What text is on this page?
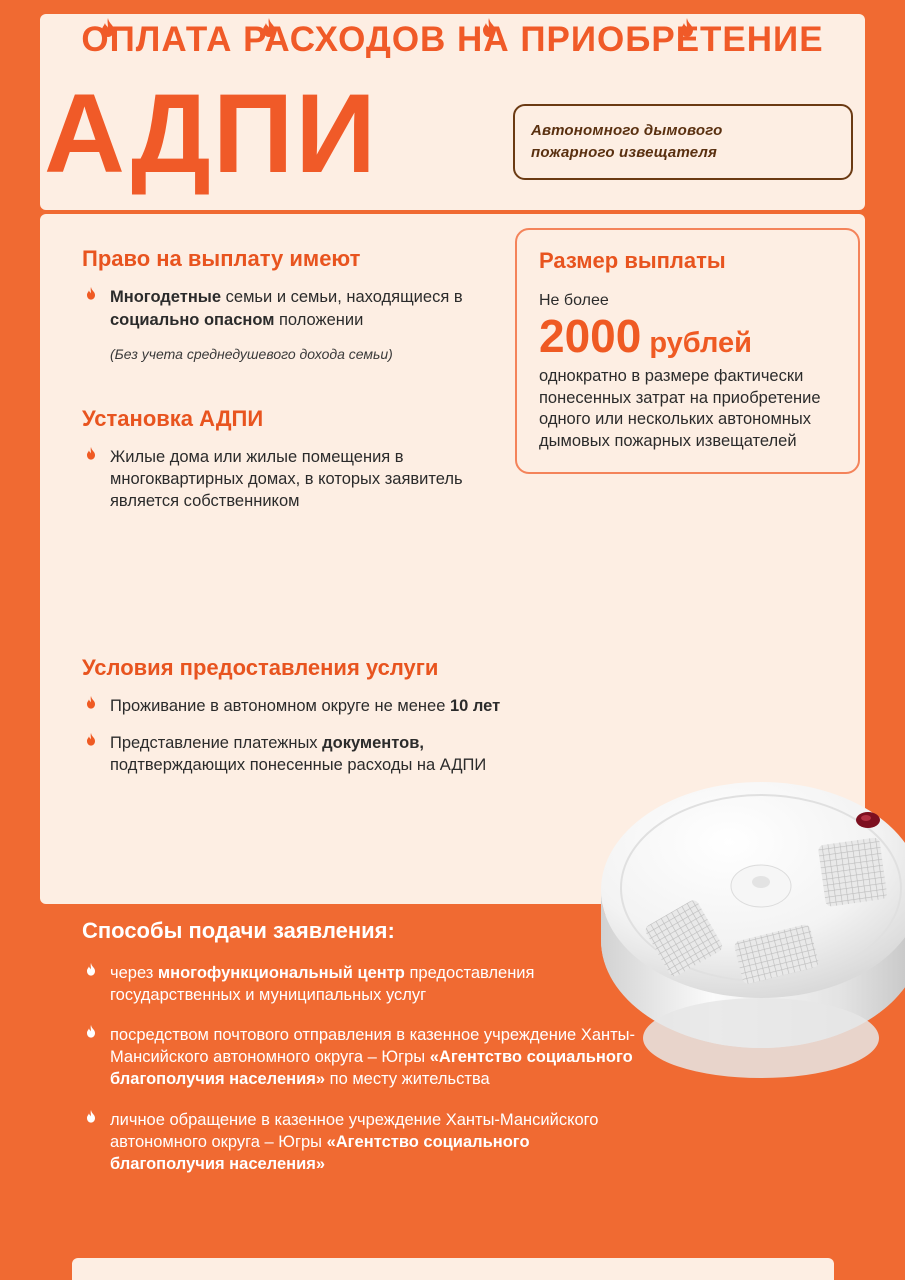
ОПЛАТА РАСХОДОВ НА ПРИОБРЕТЕНИЕ
АДПИ	Автономного дымового
пожарного извещателя
Право на выплату имеют
Многодетные семьи и семьи, находящиеся в социально опасном положении
(Без учета среднедушевого дохода семьи)
Установка АДПИ
Жилые дома или жилые помещения в многоквартирных домах, в которых заявитель является собственником
Размер выплаты
Не более
2000 рублей
однократно в размере фактически понесенных затрат на приобретение одного или нескольких автономных дымовых пожарных извещателей
Условия предоставления услуги
Проживание в автономном округе не менее 10 лет
Представление платежных документов, подтверждающих понесенные расходы на АДПИ
Способы подачи заявления:
через многофункциональный центр предоставления государственных и муниципальных услуг
посредством почтового отправления в казенное учреждение Ханты-Мансийского автономного округа – Югры «Агентство социального благополучия населения» по месту жительства
личное обращение в казенное учреждение Ханты-Мансийского автономного округа – Югры «Агентство социального благополучия населения»
